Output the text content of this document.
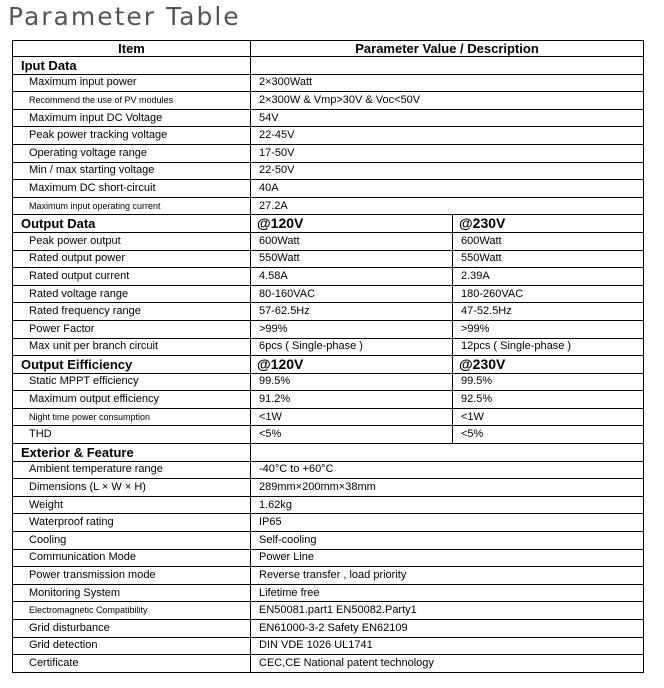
Parameter Table
Item	Parameter Value / Description	
Iput Data		
Maximum input power	2×300Watt	
Recommend the use of PV modules	2×300W & Vmp>30V & Voc<50V	
Maximum input DC Voltage	54V	
Peak power tracking voltage	22-45V	
Operating voltage range	17-50V	
Min / max starting voltage	22-50V	
Maximum DC short-circuit	40A	
Maximum input operating current	27.2A	
Output Data	@120V	@230V
Peak power output	600Watt	600Watt
Rated output power	550Watt	550Watt
Rated output current	4.58A	2.39A
Rated voltage range	80-160VAC	180-260VAC
Rated frequency range	57-62.5Hz	47-52.5Hz
Power Factor	>99%	>99%
Max unit per branch circuit	6pcs ( Single-phase )	12pcs ( Single-phase )
Output Eifficiency	@120V	@230V
Static MPPT efficiency	99.5%	99.5%
Maximum output efficiency	91.2%	92.5%
Night time power consumption	<1W	<1W
THD	<5%	<5%
Exterior & Feature		
Ambient temperature range	-40°C to +60°C	
Dimensions (L × W × H)	289mm×200mm×38mm	
Weight	1.62kg	
Waterproof rating	IP65	
Cooling	Self-cooling	
Communication Mode	Power Line	
Power transmission mode	Reverse transfer , load priority	
Monitoring System	Lifetime free	
Electromagnetic Compatibility	EN50081.part1 EN50082.Party1	
Grid disturbance	EN61000-3-2 Safety EN62109	
Grid detection	DIN VDE 1026 UL1741	
Certificate	CEC,CE National patent technology	
